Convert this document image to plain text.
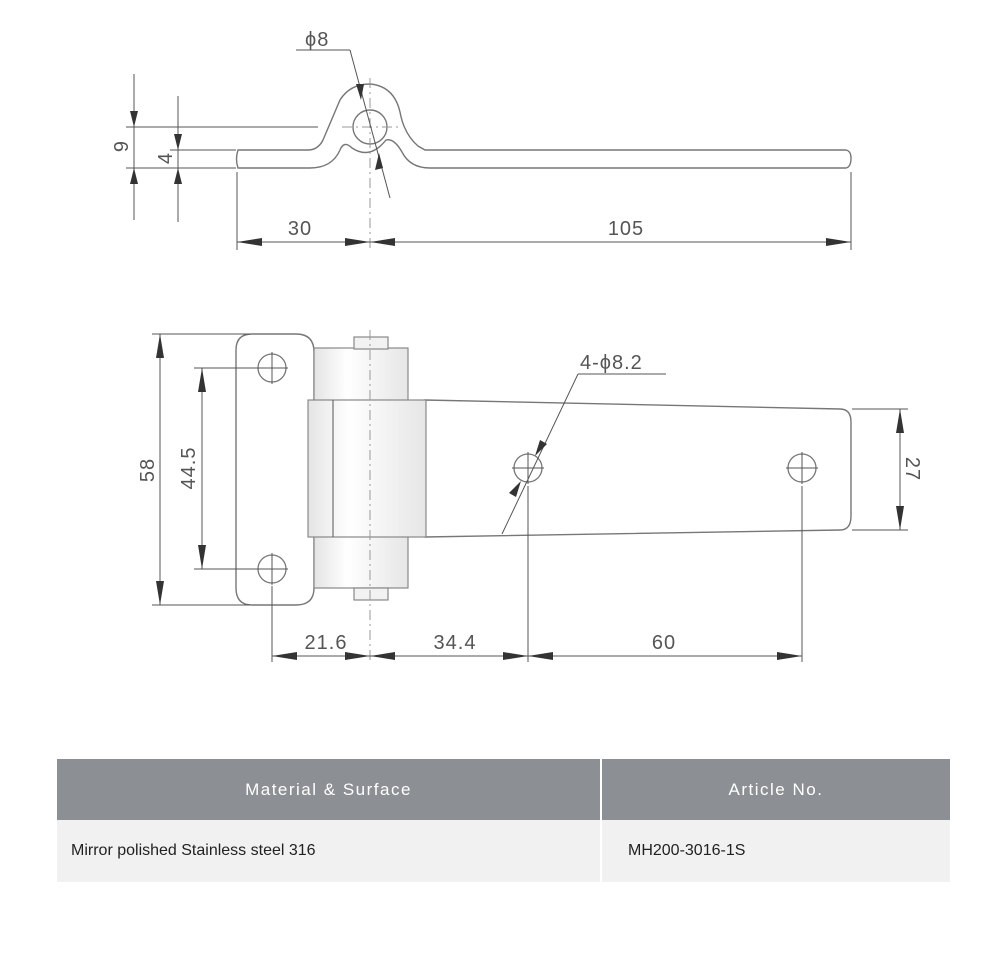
ϕ8
9
4
30	105
4-ϕ8.2
58 44.5	27
21.6	34.4	60
Material & Surface	Article No.
Mirror polished Stainless steel 316	MH200-3016-1S
